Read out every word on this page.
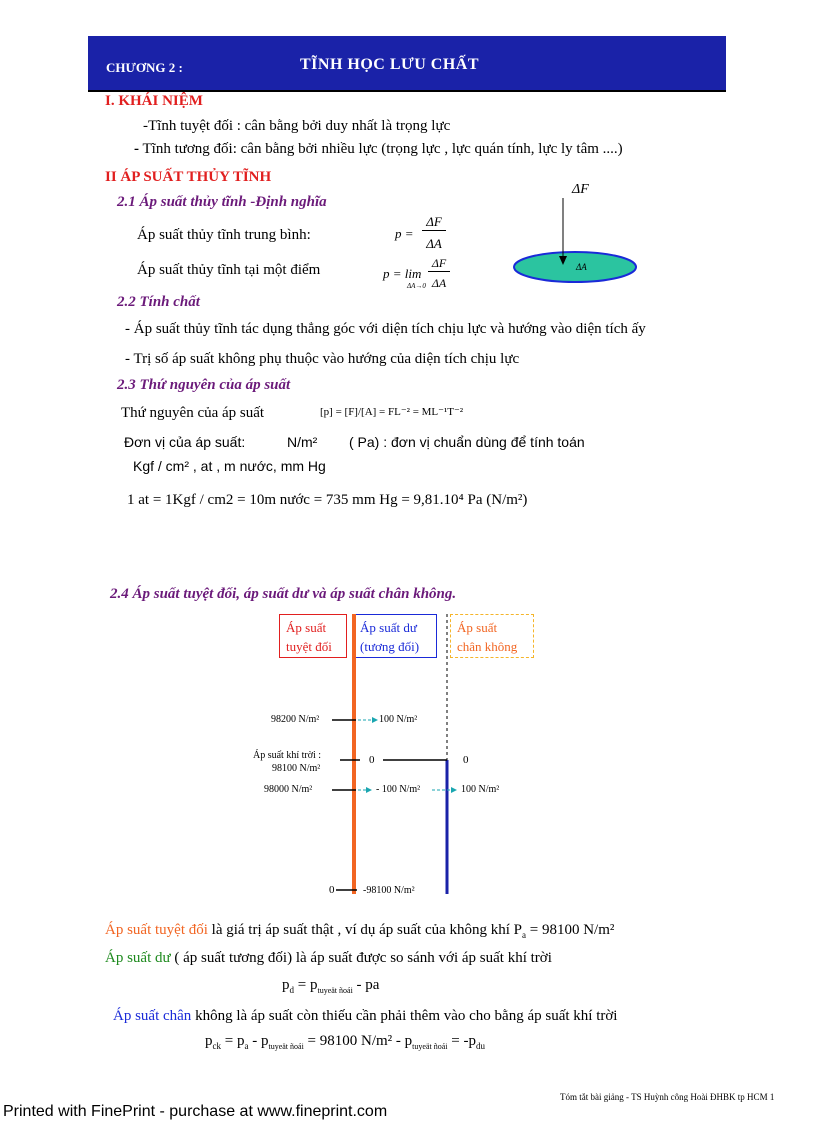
CHƯƠNG 2 :	TĨNH HỌC LƯU CHẤT
I. KHÁI NIỆM
-Tĩnh tuyệt đối : cân bằng bởi duy nhất là trọng lực
- Tĩnh tương đối: cân bằng bởi nhiều lực (trọng lực , lực quán tính, lực ly tâm ....)
II ÁP SUẤT THỦY TĨNH
2.1 Áp suất thủy tĩnh -Định nghĩa
Áp suất thủy tĩnh trung bình:
Áp suất thủy tĩnh tại một điểm
p =
ΔF
ΔA
p = lim
ΔA→0
ΔF
ΔA
ΔF
ΔA
2.2 Tính chất
- Áp suất thủy tĩnh tác dụng thẳng góc với diện tích chịu lực và hướng vào diện tích ấy
- Trị số áp suất không phụ thuộc vào hướng của diện tích chịu lực
2.3 Thứ nguyên của áp suất
Thứ nguyên của áp suất	[p] = [F]/[A] = FL⁻² = ML⁻¹T⁻²
Đơn vị của áp suất:	N/m² ( Pa) : đơn vị chuẩn dùng để tính toán
Kgf / cm² , at , m nước, mm Hg
1 at = 1Kgf / cm2 = 10m nước = 735 mm Hg = 9,81.10⁴ Pa (N/m²)
2.4 Áp suất tuyệt đối, áp suất dư và áp suất chân không.
Áp suất
tuyệt đối
Áp suất dư
(tương đối)
Áp suất
chân không
98200 N/m²	100 N/m²
Áp suất khí trời :
98100 N/m²
0	0
98000 N/m²	- 100 N/m²	100 N/m²
0	-98100 N/m²
Áp suất tuyệt đối là giá trị áp suất thật , ví dụ áp suất của không khí $P_a = 98100$ N/m²
Áp suất dư ( áp suất tương đối) là áp suất được so sánh với áp suất khí trời
$p_d = p_{tuyeät ñoái}$ - pa
Áp suất chân không là áp suất còn thiếu cần phải thêm vào cho bằng áp suất khí trời
$p_{ck} = p_a - p_{tuyeät ñoái} = 98100$ $N/m^2 - p_{tuyeät ñoái} = -p_{du}$
Tóm tắt bài giảng - TS Huỳnh công Hoài ĐHBK tp HCM 1
Printed with FinePrint - purchase at www.fineprint.com
